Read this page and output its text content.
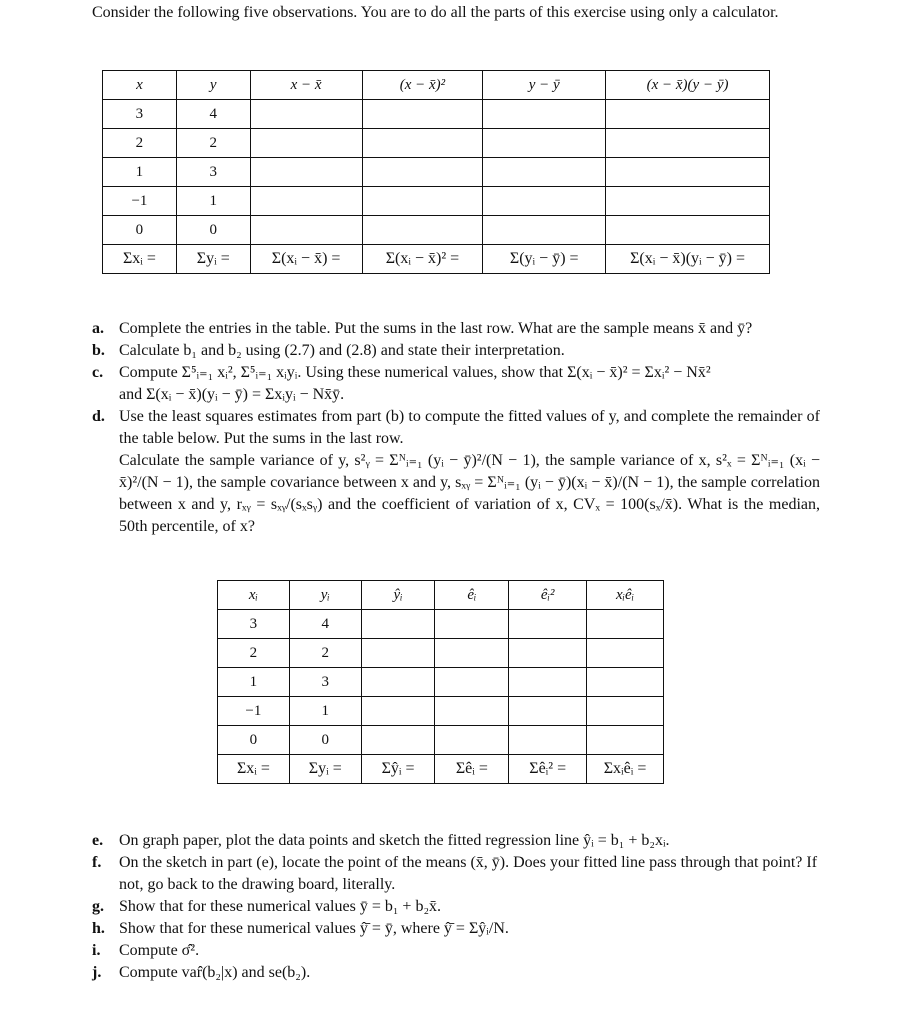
Consider the following five observations. You are to do all the parts of this exercise using only a calculator.
x	y	x − x̄	(x − x̄)²	y − ȳ	(x − x̄)(y − ȳ)
3	4				
2	2				
1	3				
−1	1				
0	0				
Σxᵢ =	Σyᵢ =	Σ(xᵢ − x̄) =	Σ(xᵢ − x̄)² =	Σ(yᵢ − ȳ) =	Σ(xᵢ − x̄)(yᵢ − ȳ) =
a. Complete the entries in the table. Put the sums in the last row. What are the sample means x̄ and ȳ?
b. Calculate b₁ and b₂ using (2.7) and (2.8) and state their interpretation.
c. Compute Σ⁵ᵢ₌₁ xᵢ², Σ⁵ᵢ₌₁ xᵢyᵢ. Using these numerical values, show that Σ(xᵢ − x̄)² = Σxᵢ² − Nx̄²
and Σ(xᵢ − x̄)(yᵢ − ȳ) = Σxᵢyᵢ − Nx̄ȳ.
d. Use the least squares estimates from part (b) to compute the fitted values of y, and complete the remainder of the table below. Put the sums in the last row.
Calculate the sample variance of y, s²ᵧ = Σᴺᵢ₌₁ (yᵢ − ȳ)²/(N − 1), the sample variance of x, s²ₓ = Σᴺᵢ₌₁ (xᵢ − x̄)²/(N − 1), the sample covariance between x and y, sₓᵧ = Σᴺᵢ₌₁ (yᵢ − ȳ)(xᵢ − x̄)/(N − 1), the sample correlation between x and y, rₓᵧ = sₓᵧ/(sₓsᵧ) and the coefficient of variation of x, CVₓ = 100(sₓ/x̄). What is the median, 50th percentile, of x?
xᵢ	yᵢ	ŷᵢ	êᵢ	êᵢ²	xᵢêᵢ
3	4				
2	2				
1	3				
−1	1				
0	0				
Σxᵢ =	Σyᵢ =	Σŷᵢ =	Σêᵢ =	Σêᵢ² =	Σxᵢêᵢ =
e. On graph paper, plot the data points and sketch the fitted regression line ŷᵢ = b₁ + b₂xᵢ.
f.	On the sketch in part (e), locate the point of the means (x̄, ȳ). Does your fitted line pass through that point? If not, go back to the drawing board, literally.
g. Show that for these numerical values ȳ = b₁ + b₂x̄.
h. Show that for these numerical values ŷ̄ = ȳ, where ŷ̄ = Σŷᵢ/N.
i.	Compute σ̂².
j.	Compute var̂(b₂|x) and se(b₂).
